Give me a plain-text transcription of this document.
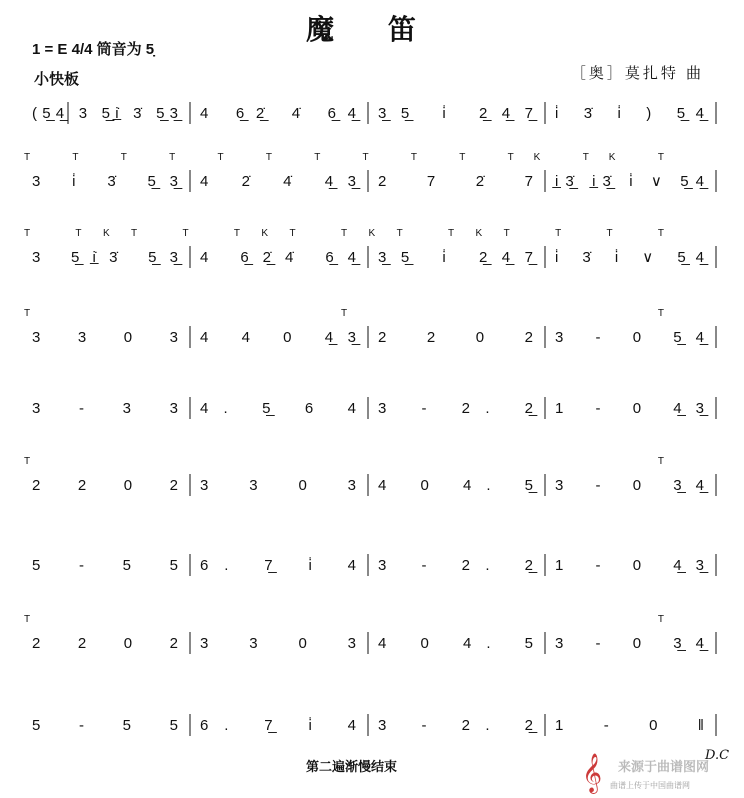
魔 笛
1 = E 4/4 筒音为 5̣
小快板	［奥］莫扎特 曲
(5̲4̲ 3 5̲i̲̇ 3̇ 5̲3̲	4 6̲2̲̇ 4̇ 6̲4̲	3̲5̲ i̇ 2̲4̲7̲	i̇ 3̇ i̇ ) 5̲4̲
T T T T T T T T T T TK TK T
3 i̇ 3̇ 5̲3̲	4 2̇ 4̇ 4̲3̲	2 7 2̇ 7 i̲3̲̇ i̲3̲̇ i̇ ∨ 5̲4̲
T TKT T TKT TKT TKT T T T
3 5̲i̲̇3̇ 5̲3̲	4 6̲2̲̇4̇ 6̲4̲	3̲5̲ i̇ 2̲4̲7̲	i̇ 3̇ i̇ ∨ 5̲4̲
T T T
3 3 0 3 4 4 0 4̲3̲	2 2 0 2 3 - 0 5̲4̲
3 - 3 3 4. 5̲ 6 4 3 - 2. 2̲	1 - 0 4̲3̲
T T
2 2 0 2 3 3 0 3 4 0 4. 5̲	3 - 0 3̲4̲
5 - 5 5 6. 7̲ i̇ 4 3 - 2. 2̲	1 - 0 4̲3̲
T T
2 2 0 2 3 3 0 3 4 0 4. 5 3 - 0 3̲4̲
5 - 5 5 6. 7̲ i̇ 4 3 - 2. 2̲	1 - 0 ‖
第二遍渐慢结束
D.C
𝄞 来源于曲谱图网
曲谱上传于中国曲谱网
